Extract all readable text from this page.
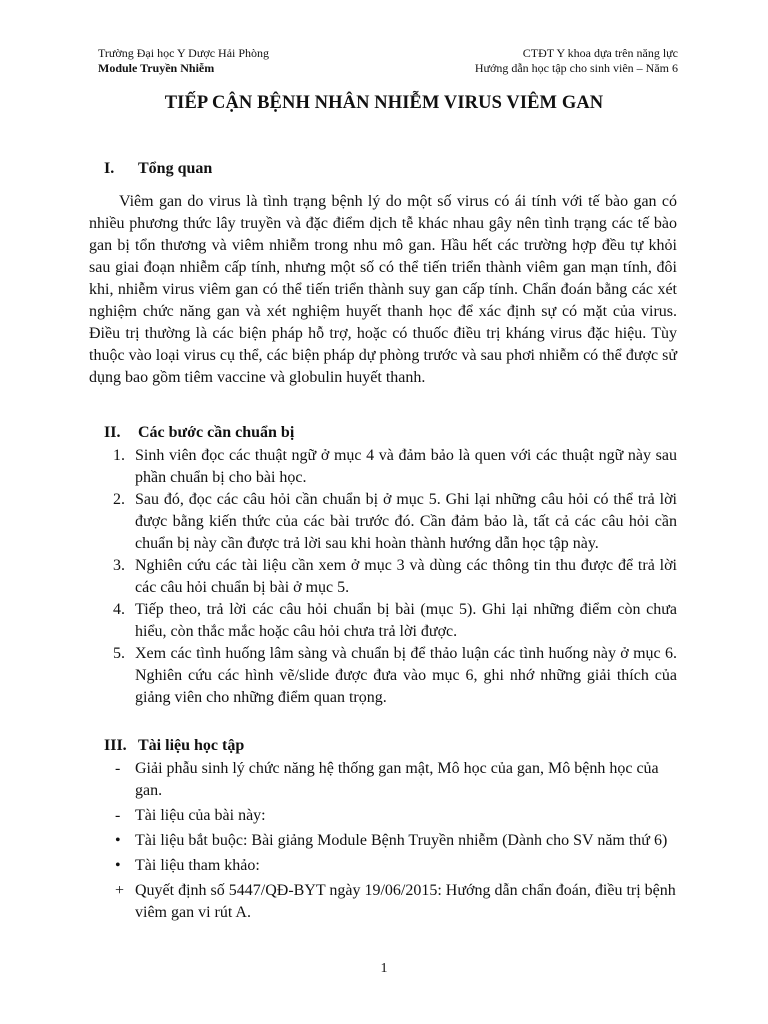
Trường Đại học Y Dược Hải Phòng
Module Truyền Nhiễm
CTĐT Y khoa dựa trên năng lực
Hướng dẫn học tập cho sinh viên – Năm 6
TIẾP CẬN BỆNH NHÂN NHIỄM VIRUS VIÊM GAN
I. Tổng quan

Viêm gan do virus là tình trạng bệnh lý do một số virus có ái tính với tế bào gan có nhiều phương thức lây truyền và đặc điểm dịch tễ khác nhau gây nên tình trạng các tế bào gan bị tổn thương và viêm nhiễm trong nhu mô gan. Hầu hết các trường hợp đều tự khỏi sau giai đoạn nhiễm cấp tính, nhưng một số có thể tiến triển thành viêm gan mạn tính, đôi khi, nhiễm virus viêm gan có thể tiến triển thành suy gan cấp tính. Chẩn đoán bằng các xét nghiệm chức năng gan và xét nghiệm huyết thanh học để xác định sự có mặt của virus. Điều trị thường là các biện pháp hỗ trợ, hoặc có thuốc điều trị kháng virus đặc hiệu. Tùy thuộc vào loại virus cụ thể, các biện pháp dự phòng trước và sau phơi nhiễm có thể được sử dụng bao gồm tiêm vaccine và globulin huyết thanh.

II. Các bước cần chuẩn bị
1. Sinh viên đọc các thuật ngữ ở mục 4 và đảm bảo là quen với các thuật ngữ này sau phần chuẩn bị cho bài học.
2. Sau đó, đọc các câu hỏi cần chuẩn bị ở mục 5. Ghi lại những câu hỏi có thể trả lời được bằng kiến thức của các bài trước đó. Cần đảm bảo là, tất cả các câu hỏi cần chuẩn bị này cần được trả lời sau khi hoàn thành hướng dẫn học tập này.
3. Nghiên cứu các tài liệu cần xem ở mục 3 và dùng các thông tin thu được để trả lời các câu hỏi chuẩn bị bài ở mục 5.
4. Tiếp theo, trả lời các câu hỏi chuẩn bị bài (mục 5). Ghi lại những điểm còn chưa hiểu, còn thắc mắc hoặc câu hỏi chưa trả lời được.
5. Xem các tình huống lâm sàng và chuẩn bị để thảo luận các tình huống này ở mục 6. Nghiên cứu các hình vẽ/slide được đưa vào mục 6, ghi nhớ những giải thích của giảng viên cho những điểm quan trọng.
III. Tài liệu học tập
- Giải phẫu sinh lý chức năng hệ thống gan mật, Mô học của gan, Mô bệnh học của gan.
- Tài liệu của bài này:
• Tài liệu bắt buộc: Bài giảng Module Bệnh Truyền nhiễm (Dành cho SV năm thứ 6)
• Tài liệu tham khảo:
+ Quyết định số 5447/QĐ-BYT ngày 19/06/2015: Hướng dẫn chẩn đoán, điều trị bệnh viêm gan vi rút A.
1
